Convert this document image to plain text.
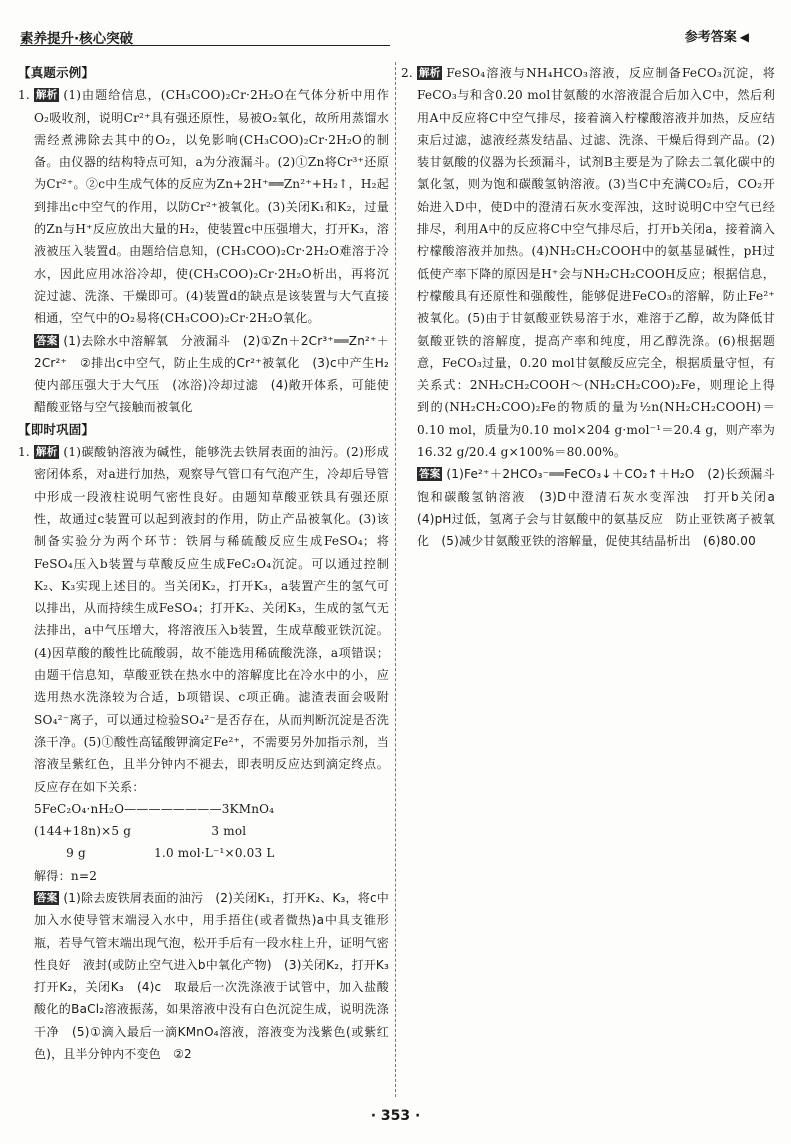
素养提升·核心突破	参考答案 ◀
【真题示例】
1. 解析 (1)由题给信息，(CH₃COO)₂Cr·2H₂O在气体分析中用作O₂吸收剂，说明Cr²⁺具有强还原性，易被O₂氧化，故所用蒸馏水需经煮沸除去其中的O₂，以免影响(CH₃COO)₂Cr·2H₂O的制备。由仪器的结构特点可知，a为分液漏斗。(2)①Zn将Cr³⁺还原为Cr²⁺。②c中生成气体的反应为Zn+2H⁺══Zn²⁺+H₂↑，H₂起到排出c中空气的作用，以防Cr²⁺被氧化。(3)关闭K₁和K₂，过量的Zn与H⁺反应放出大量的H₂，使装置c中压强增大，打开K₃，溶液被压入装置d。由题给信息知，(CH₃COO)₂Cr·2H₂O难溶于冷水，因此应用冰浴冷却，使(CH₃COO)₂Cr·2H₂O析出，再将沉淀过滤、洗涤、干燥即可。(4)装置d的缺点是该装置与大气直接相通，空气中的O₂易将(CH₃COO)₂Cr·2H₂O氧化。

答案 (1)去除水中溶解氧　分液漏斗　(2)①Zn＋2Cr³⁺══Zn²⁺＋2Cr²⁺　②排出c中空气，防止生成的Cr²⁺被氧化　(3)c中产生H₂使内部压强大于大气压　(冰浴)冷却过滤　(4)敞开体系，可能使醋酸亚铬与空气接触而被氧化

【即时巩固】
1. 解析 (1)碳酸钠溶液为碱性，能够洗去铁屑表面的油污。(2)形成密闭体系，对a进行加热，观察导气管口有气泡产生，冷却后导管中形成一段液柱说明气密性良好。由题知草酸亚铁具有强还原性，故通过c装置可以起到液封的作用，防止产品被氧化。(3)该制备实验分为两个环节：铁屑与稀硫酸反应生成FeSO₄；将FeSO₄压入b装置与草酸反应生成FeC₂O₄沉淀。可以通过控制K₂、K₃实现上述目的。当关闭K₂，打开K₃，a装置产生的氢气可以排出，从而持续生成FeSO₄；打开K₂、关闭K₃，生成的氢气无法排出，a中气压增大，将溶液压入b装置，生成草酸亚铁沉淀。(4)因草酸的酸性比硫酸弱，故不能选用稀硫酸洗涤，a项错误；由题干信息知，草酸亚铁在热水中的溶解度比在冷水中的小，应选用热水洗涤较为合适，b项错误、c项正确。滤渣表面会吸附SO₄²⁻离子，可以通过检验SO₄²⁻是否存在，从而判断沉淀是否洗涤干净。(5)①酸性高锰酸钾滴定Fe²⁺，不需要另外加指示剂，当溶液呈紫红色，且半分钟内不褪去，即表明反应达到滴定终点。反应存在如下关系：

5FeC₂O₄·nH₂O————————3KMnO₄

(144+18n)×5 g                    3 mol

9 g                 1.0 mol·L⁻¹×0.03 L

解得：n=2

答案 (1)除去废铁屑表面的油污　(2)关闭K₁，打开K₂、K₃，将c中加入水使导管末端浸入水中，用手捂住(或者微热)a中具支锥形瓶，若导气管末端出现气泡，松开手后有一段水柱上升，证明气密性良好　液封(或防止空气进入b中氧化产物)　(3)关闭K₂，打开K₃　打开K₂，关闭K₃　(4)c　取最后一次洗涤液于试管中，加入盐酸酸化的BaCl₂溶液振荡，如果溶液中没有白色沉淀生成，说明洗涤干净　(5)①滴入最后一滴KMnO₄溶液，溶液变为浅紫色(或紫红色)，且半分钟内不变色　②2

2. 解析 FeSO₄溶液与NH₄HCO₃溶液，反应制备FeCO₃沉淀，将FeCO₃与和含0.20 mol甘氨酸的水溶液混合后加入C中，然后利用A中反应将C中空气排尽，接着滴入柠檬酸溶液并加热，反应结束后过滤，滤液经蒸发结晶、过滤、洗涤、干燥后得到产品。(2)装甘氨酸的仪器为长颈漏斗，试剂B主要是为了除去二氧化碳中的氯化氢，则为饱和碳酸氢钠溶液。(3)当C中充满CO₂后，CO₂开始进入D中，使D中的澄清石灰水变浑浊，这时说明C中空气已经排尽，利用A中的反应将C中空气排尽后，打开b关闭a，接着滴入柠檬酸溶液并加热。(4)NH₂CH₂COOH中的氨基显碱性，pH过低使产率下降的原因是H⁺会与NH₂CH₂COOH反应；根据信息，柠檬酸具有还原性和强酸性，能够促进FeCO₃的溶解，防止Fe²⁺被氧化。(5)由于甘氨酸亚铁易溶于水，难溶于乙醇，故为降低甘氨酸亚铁的溶解度，提高产率和纯度，用乙醇洗涤。(6)根据题意，FeCO₃过量，0.20 mol甘氨酸反应完全，根据质量守恒，有关系式：2NH₂CH₂COOH～(NH₂CH₂COO)₂Fe，则理论上得到的(NH₂CH₂COO)₂Fe的物质的量为½n(NH₂CH₂COOH)＝0.10 mol，质量为0.10 mol×204 g·mol⁻¹＝20.4 g，则产率为16.32 g/20.4 g×100%＝80.00%。

答案 (1)Fe²⁺＋2HCO₃⁻══FeCO₃↓＋CO₂↑＋H₂O　(2)长颈漏斗　饱和碳酸氢钠溶液　(3)D中澄清石灰水变浑浊　打开b关闭a　(4)pH过低，氢离子会与甘氨酸中的氨基反应　防止亚铁离子被氧化　(5)减少甘氨酸亚铁的溶解量，促使其结晶析出　(6)80.00

· 353 ·
